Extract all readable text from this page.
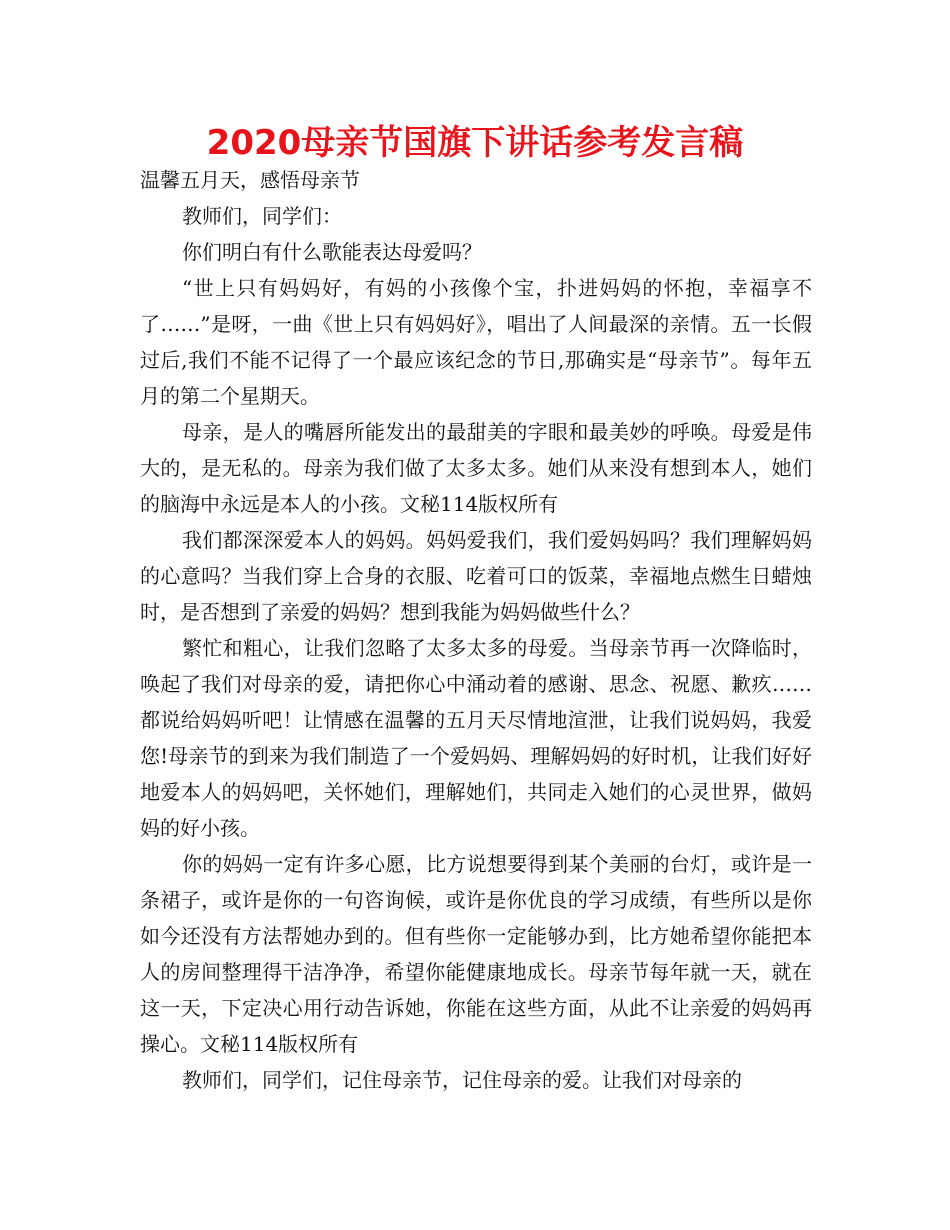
2020母亲节国旗下讲话参考发言稿

温馨五月天，感悟母亲节

教师们，同学们：

你们明白有什么歌能表达母爱吗？

“世上只有妈妈好，有妈的小孩像个宝，扑进妈妈的怀抱，幸福享不了……”是呀，一曲《世上只有妈妈好》，唱出了人间最深的亲情。五一长假过后,我们不能不记得了一个最应该纪念的节日,那确实是“母亲节”。每年五月的第二个星期天。

母亲，是人的嘴唇所能发出的最甜美的字眼和最美妙的呼唤。母爱是伟大的，是无私的。母亲为我们做了太多太多。她们从来没有想到本人，她们的脑海中永远是本人的小孩。文秘114版权所有

我们都深深爱本人的妈妈。妈妈爱我们，我们爱妈妈吗？我们理解妈妈的心意吗？当我们穿上合身的衣服、吃着可口的饭菜，幸福地点燃生日蜡烛时，是否想到了亲爱的妈妈？想到我能为妈妈做些什么？

繁忙和粗心，让我们忽略了太多太多的母爱。当母亲节再一次降临时，唤起了我们对母亲的爱，请把你心中涌动着的感谢、思念、祝愿、歉疚……都说给妈妈听吧！让情感在温馨的五月天尽情地渲泄，让我们说妈妈，我爱您!母亲节的到来为我们制造了一个爱妈妈、理解妈妈的好时机，让我们好好地爱本人的妈妈吧，关怀她们，理解她们，共同走入她们的心灵世界，做妈妈的好小孩。

你的妈妈一定有许多心愿，比方说想要得到某个美丽的台灯，或许是一条裙子，或许是你的一句咨询候，或许是你优良的学习成绩，有些所以是你如今还没有方法帮她办到的。但有些你一定能够办到，比方她希望你能把本人的房间整理得干洁净净，希望你能健康地成长。母亲节每年就一天，就在这一天，下定决心用行动告诉她，你能在这些方面，从此不让亲爱的妈妈再操心。文秘114版权所有

教师们，同学们，记住母亲节，记住母亲的爱。让我们对母亲的
